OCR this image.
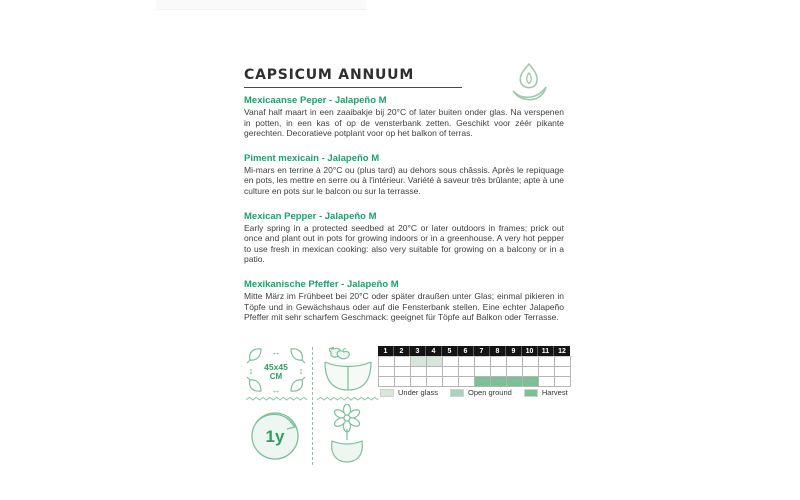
CAPSICUM ANNUUM
Mexicaanse Peper - Jalapeño M
Vanaf half maart in een zaaibakje bij 20°C of later buiten onder glas. Na verspenen in potten, in een kas of op de vensterbank zetten. Geschikt voor zéér pikante gerechten. Decoratieve potplant voor op het balkon of terras.
Piment mexicain - Jalapeño M
Mi-mars en terrine à 20°C ou (plus tard) au dehors sous châssis. Après le repiquage en pots, les mettre en serre ou à l'intérieur. Variété à saveur très brûlante; apte à une culture en pots sur le balcon ou sur la terrasse.
Mexican Pepper - Jalapeño M
Early spring in a protected seedbed at 20°C or later outdoors in frames; prick out once and plant out in pots for growing indoors or in a greenhouse. A very hot pepper to use fresh in mexican cooking: also very suitable for growing on a balcony or in a patio.
Mexikanische Pfeffer - Jalapeño M
Mitte März im Frühbeet bei 20°C oder später draußen unter Glas; einmal pikieren in Töpfe und in Gewächshaus oder auf die Fensterbank stellen. Eine echter Jalapeño Pfeffer mit sehr scharfem Geschmack: geeignet für Töpfe auf Balkon oder Terrasse.
↔
↔
↕	↕
45x45
CM
1y
1	2	3	4	5	6	7	8	9	10	11	12
Under glass	Open ground	Harvest
